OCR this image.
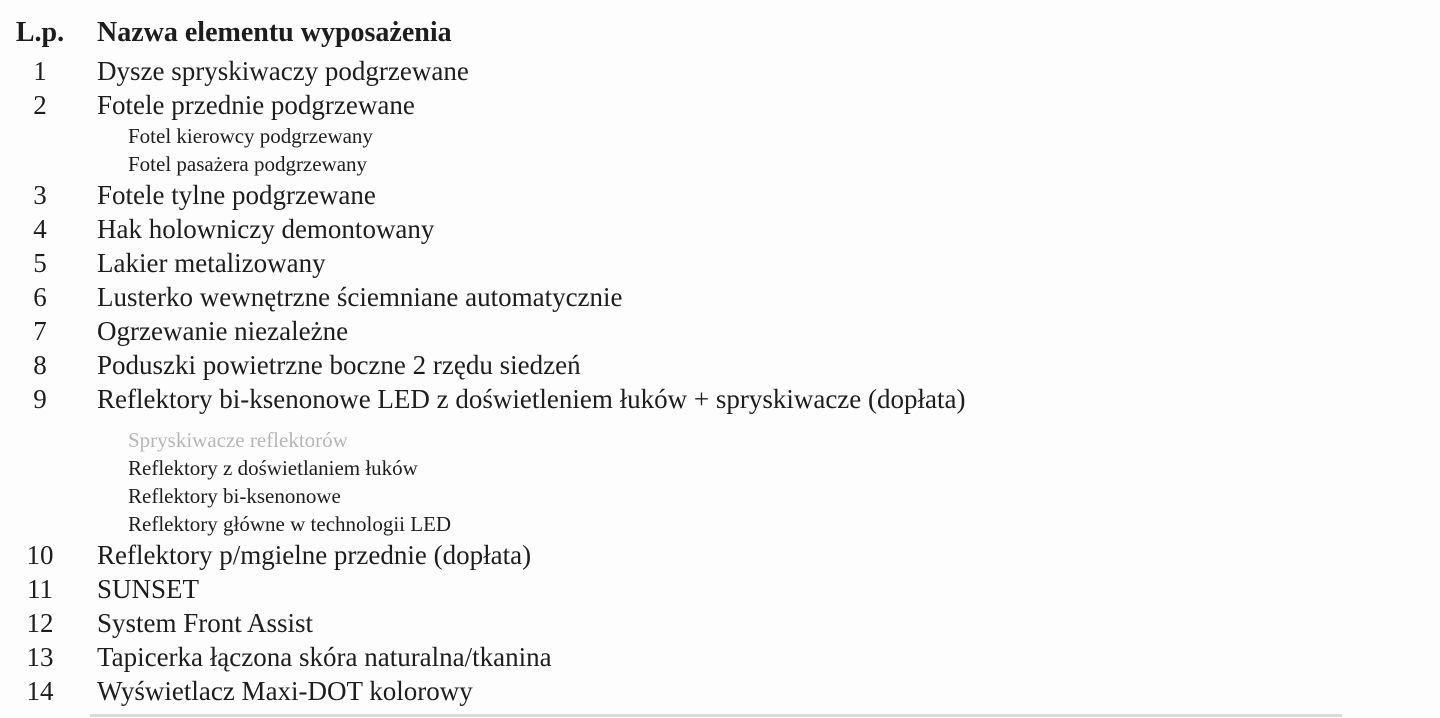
L.p.	Nazwa elementu wyposażenia
1	Dysze spryskiwaczy podgrzewane
2	Fotele przednie podgrzewane
Fotel kierowcy podgrzewany
Fotel pasażera podgrzewany
3	Fotele tylne podgrzewane
4	Hak holowniczy demontowany
5	Lakier metalizowany
6	Lusterko wewnętrzne ściemniane automatycznie
7	Ogrzewanie niezależne
8	Poduszki powietrzne boczne 2 rzędu siedzeń
9	Reflektory bi-ksenonowe LED z doświetleniem łuków + spryskiwacze (dopłata)
Spryskiwacze reflektorów
Reflektory z doświetlaniem łuków
Reflektory bi-ksenonowe
Reflektory główne w technologii LED
10	Reflektory p/mgielne przednie (dopłata)
11	SUNSET
12	System Front Assist
13	Tapicerka łączona skóra naturalna/tkanina
14	Wyświetlacz Maxi-DOT kolorowy
